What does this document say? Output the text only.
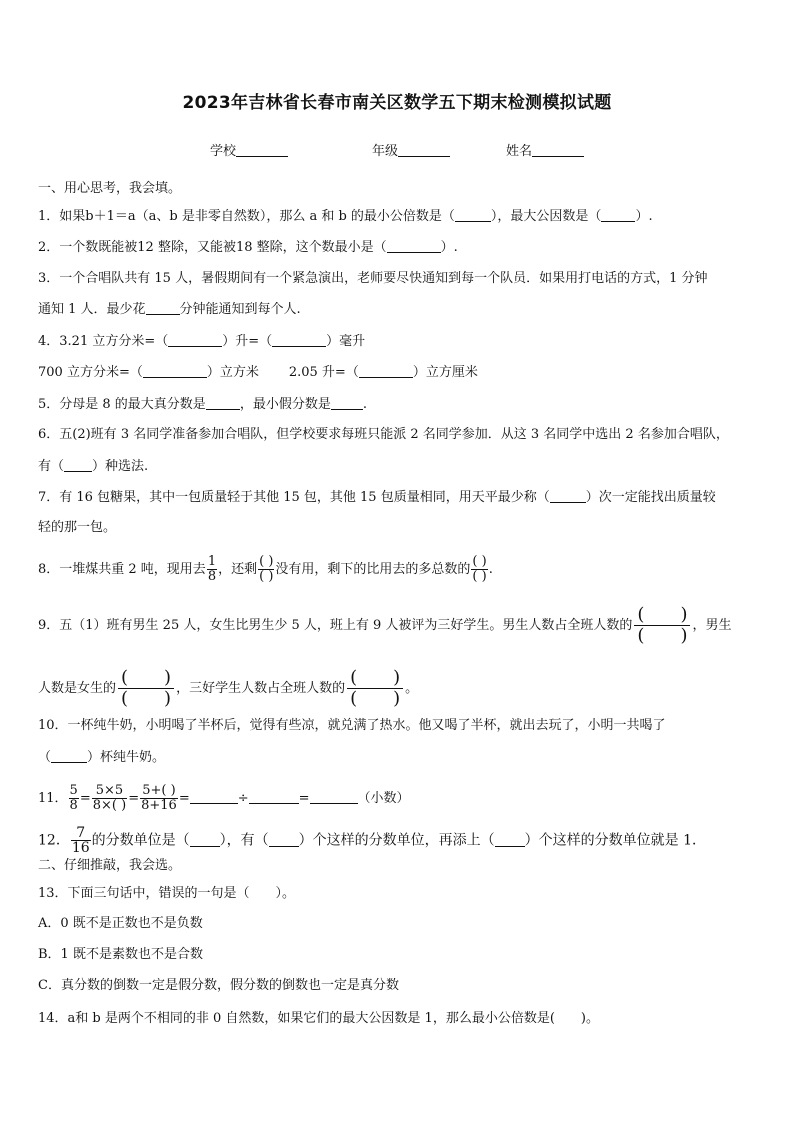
2023年吉林省长春市南关区数学五下期末检测模拟试题
学校	年级	姓名
一、用心思考，我会填。
1．如果b＋1＝a（a、b 是非零自然数），那么 a 和 b 的最小公倍数是（	），最大公因数是（	）.
2．一个数既能被12 整除，又能被18 整除，这个数最小是（	）.
3．一个合唱队共有 15 人，暑假期间有一个紧急演出，老师要尽快通知到每一个队员．如果用打电话的方式，1 分钟
通知 1 人．最少花	分钟能通知到每个人.
4．3.21 立方分米=（	）升=（	）毫升
700 立方分米=（	）立方米 2.05 升=（	）立方厘米
5．分母是 8 的最大真分数是	，最小假分数是 .
6．五(2)班有 3 名同学准备参加合唱队，但学校要求每班只能派 2 名同学参加．从这 3 名同学中选出 2 名参加合唱队，
有（ ）种选法.
7．有 16 包糖果，其中一包质量轻于其他 15 包，其他 15 包质量相同，用天平最少称（	）次一定能找出质量较
轻的那一包。
8．一堆煤共重 2 吨，现用去 $\frac{1}{8}$ ，还剩 $\frac{( )}{( )}$ 没有用，剩下的比用去的多总数的 $\frac{( )}{( )}$ .
9．五（1）班有男生 25 人，女生比男生少 5 人，班上有 9 人被评为三好学生。男生人数占全班人数的
(　　)
(　　) ，男生
人数是女生的
(　　)
(　　) ，三好学生人数占全班人数的
(　　)
(　　) 。
10．一杯纯牛奶，小明喝了半杯后，觉得有些凉，就兑满了热水。他又喝了半杯，就出去玩了，小明一共喝了
（	）杯纯牛奶。
11． $\frac{5}{8} = \frac{5\times 5}{8\times( )} = \frac{5+( )}{8+16}$ =	÷	=	（小数）
12． $\frac{7}{16}$ 的分数单位是（ ），有（ ）个这样的分数单位，再添上（ ）个这样的分数单位就是 1．
二、仔细推敲，我会选。
13．下面三句话中，错误的一句是（　　）。
A．0 既不是正数也不是负数
B．1 既不是素数也不是合数
C．真分数的倒数一定是假分数，假分数的倒数也一定是真分数
14．a和 b 是两个不相同的非 0 自然数，如果它们的最大公因数是 1，那么最小公倍数是(　　)。
